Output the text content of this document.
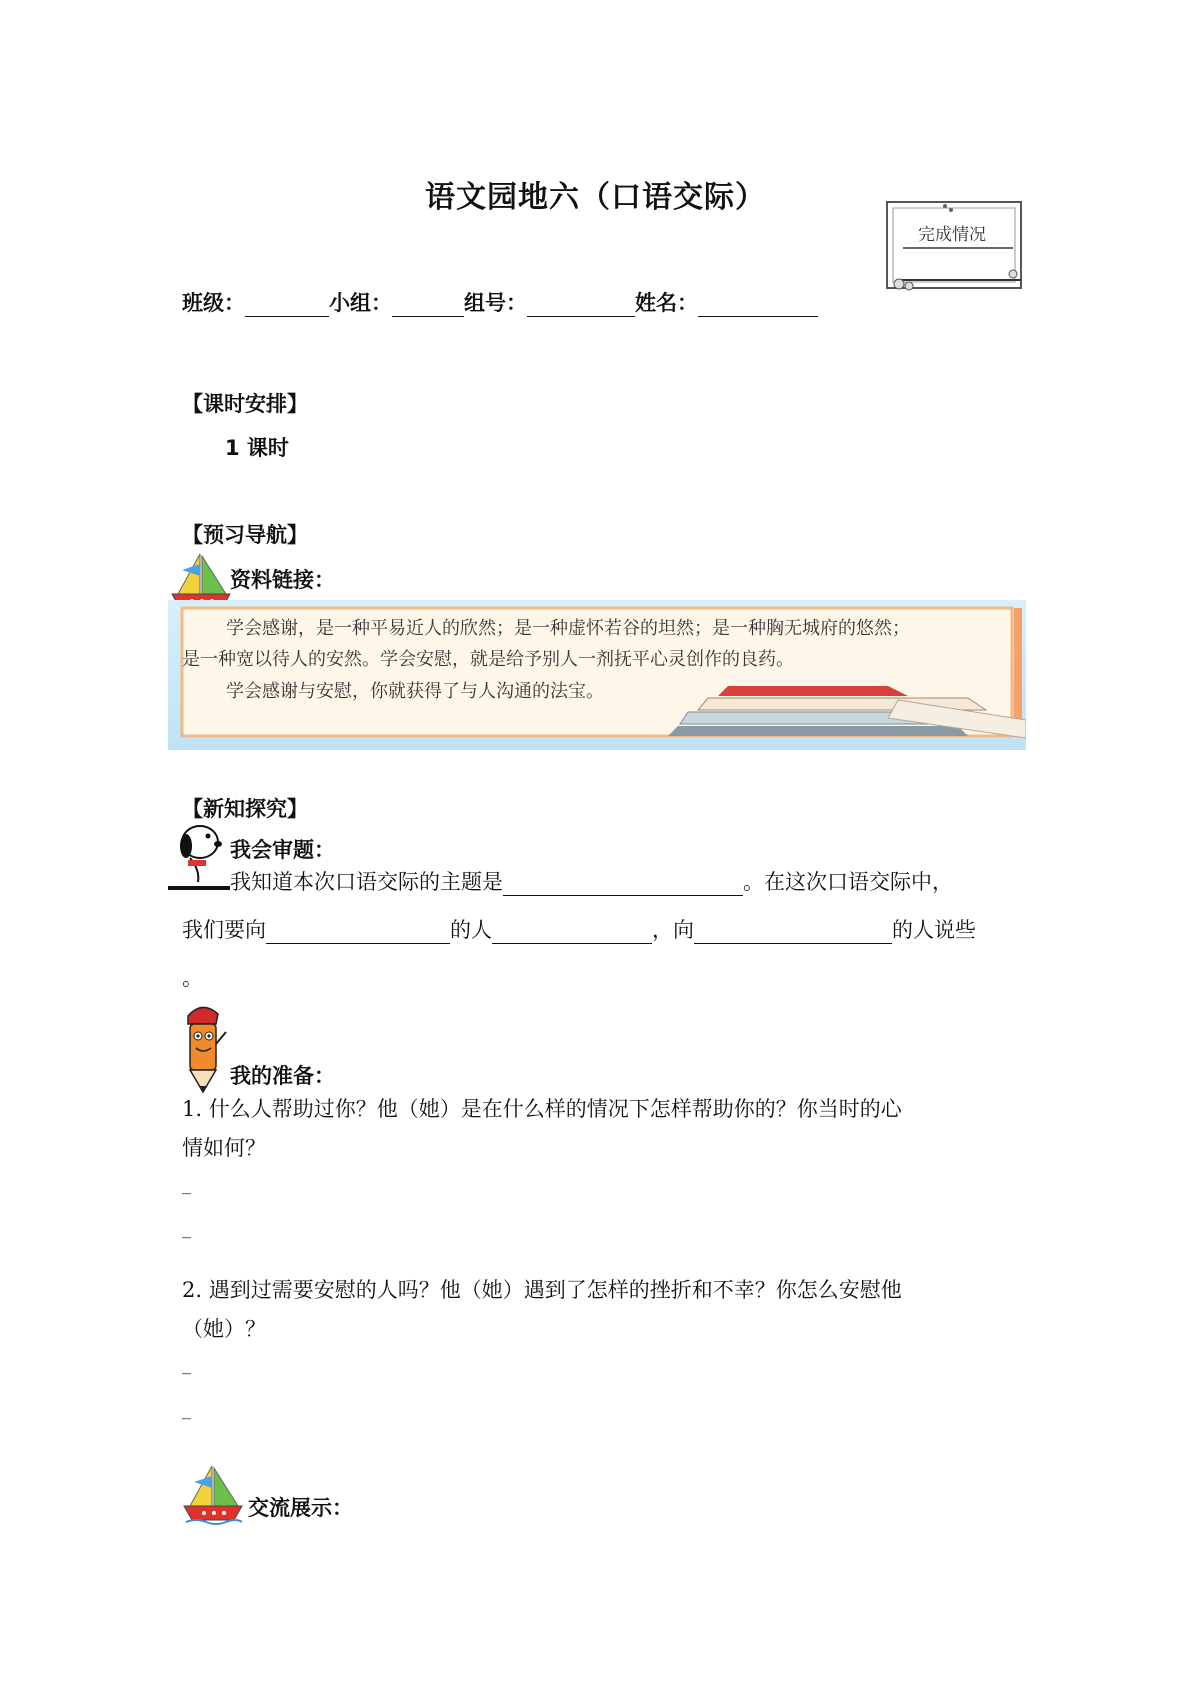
语文园地六（口语交际）
完成情况
班级：	小组：	组号：	姓名：
【课时安排】
1 课时
【预习导航】
资料链接：
学会感谢，是一种平易近人的欣然；是一种虚怀若谷的坦然；是一种胸无城府的悠然；
是一种宽以待人的安然。学会安慰，就是给予别人一剂抚平心灵创作的良药。
学会感谢与安慰，你就获得了与人沟通的法宝。
【新知探究】
我会审题：
我知道本次口语交际的主题是	。在这次口语交际中，
我们要向	的人	，向	的人说些
。
我的准备：
1. 什么人帮助过你？他（她）是在什么样的情况下怎样帮助你的？你当时的心
情如何？
_
_
2. 遇到过需要安慰的人吗？他（她）遇到了怎样的挫折和不幸？你怎么安慰他
（她）？
_
_
交流展示：
